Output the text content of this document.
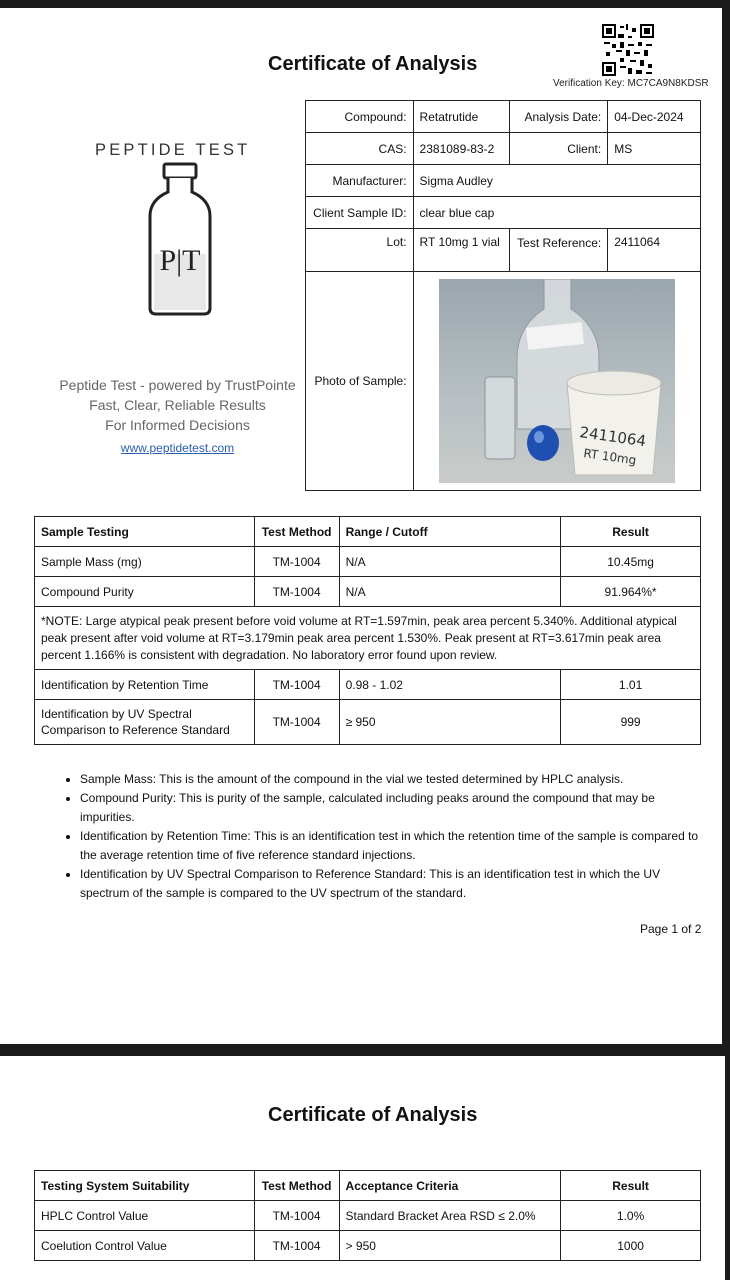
Certificate of Analysis
Verification Key: MC7CA9N8KDSR
PEPTIDE TEST
P|T
Peptide Test - powered by TrustPointe
Fast, Clear, Reliable Results
For Informed Decisions
www.peptidetest.com
Compound:	Retatrutide	Analysis Date:	04-Dec-2024
CAS:	2381089-83-2	Client:	MS
Manufacturer:	Sigma Audley		
Client Sample ID:	clear blue cap		
Lot:	RT 10mg 1 vial	Test Reference:	2411064
Photo of Sample:	2411064
RT 10mg		
Sample Testing	Test Method	Range / Cutoff	Result
Sample Mass (mg)	TM-1004	N/A	10.45mg
Compound Purity	TM-1004	N/A	91.964%*
*NOTE: Large atypical peak present before void volume at RT=1.597min, peak area percent 5.340%. Additional atypical peak present after void volume at RT=3.179min peak area percent 1.530%. Peak present at RT=3.617min peak area percent 1.166% is consistent with degradation. No laboratory error found upon review.			
Identification by Retention Time	TM-1004	0.98 - 1.02	1.01
Identification by UV Spectral Comparison to Reference Standard	TM-1004	≥ 950	999
• Sample Mass: This is the amount of the compound in the vial we tested determined by HPLC analysis.
• Compound Purity: This is purity of the sample, calculated including peaks around the compound that may be impurities.
• Identification by Retention Time: This is an identification test in which the retention time of the sample is compared to the average retention time of five reference standard injections.
• Identification by UV Spectral Comparison to Reference Standard: This is an identification test in which the UV spectrum of the sample is compared to the UV spectrum of the standard.
Page 1 of 2
Certificate of Analysis
Testing System Suitability	Test Method	Acceptance Criteria	Result
HPLC Control Value	TM-1004	Standard Bracket Area RSD ≤ 2.0%	1.0%
Coelution Control Value	TM-1004	> 950	1000
